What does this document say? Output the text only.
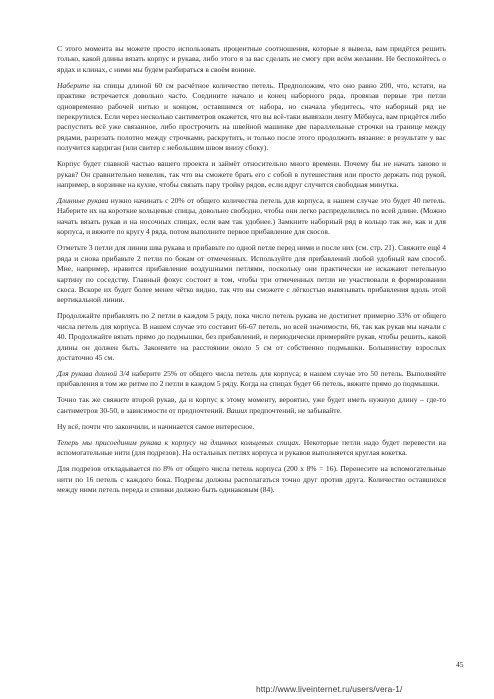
С этого момента вы можете просто использовать процентные соотношения, которые я вывела, вам придётся решить только, какой длины вязать корпус и рукава, либо этого я за вас сделать не смогу при всём желании. Не беспокойтесь о ярдах и клинах, с ними мы будем разбираться в своём вонине.

Наберите на спицы длиной 60 см расчётное количество петель. Предположим, что оно равно 200, что, кстати, на практике встречается довольно часто. Соедините начало и конец наборного ряда, провязав первые три петли одновременно рабочей нитью и концом, оставшимся от набора, но сначала убедитесь, что наборный ряд не перекрутился. Если через несколько сантиметров окажется, что вы всё-таки вывязали ленту Мёбиуса, вам придётся либо распустить всё уже связанное, либо прострочить на швейной машинке две параллельные строчки на границе между рядами, разрезать полотно между строчками, раскрутить, и только после этого продолжить вязание: в результате у вас получится кардиган (или свитер с небольшим швом внизу сбоку).

Корпус будет главной частью вашего проекта и займёт относительно много времени. Почему бы не начать заново и рукав? Он сравнительно невелик, так что вы сможете брать его с собой в путешествия или просто держать под рукой, например, в корзинке на кухне, чтобы связать пару тройку рядов, если вдруг случится свободная минутка.

Длинные рукава нужно начинать с 20% от общего количества петель для корпуса, в нашем случае это будет 40 петель. Наберите их на короткие кольцевые спицы, довольно свободно, чтобы они легко распределились по всей длине. (Можно начать вязать рукав и на носочных спицах, если вам так удобнее.) Замкните наборный ряд в кольцо так же, как и для корпуса, и вяжите по кругу 4 ряда, потом выполните первое прибавление для скосов.

Отметьте 3 петли для линии шва рукава и прибавьте по одной петле перед ними и после них (см. стр. 21). Свяжите ещё 4 ряда и снова прибавьте 2 петли по бокам от отмеченных. Используйте для прибавлений любой удобный вам способ. Мне, например, нравится прибавление воздушными петлями, поскольку они практически не искажают петельную картину по соседству. Главный фокус состоит в том, чтобы три отмеченных петли не участвовали в формировании скоса. Вскоре их будет более менее чётко видно, так что вы сможете с лёгкостью вывязывать прибавления вдоль этой вертикальной линии.

Продолжайте прибавлять по 2 петли в каждом 5 ряду, пока число петель рукава не достигнет примерно 33% от общего числа петель для корпуса. В нашем случае это составит 66-67 петель, но всей значимости, 66, так как рукав мы начали с 40. Продолжайте вязать прямо до подмышки, без прибавлений, и периодически примеряйте рукав, чтобы решить, какой длины он должен быть. Закончите на расстоянии около 5 см от собственно подмышки. Большинству взрослых достаточно 45 см.

Для рукава длиной 3/4 наберите 25% от общего числа петель для корпуса; в нашем случае это 50 петель. Выполняйте прибавления в том же ритме по 2 петли в каждом 5 ряду. Когда на спицах будет 66 петель, вяжите прямо до подмышки.

Точно так же свяжите второй рукав, да и корпус к этому моменту, вероятно, уже будет иметь нужную длину – где-то сантиметров 30-50, в зависимости от предпочтений. Ваших предпочтений, не забывайте.

Ну всё, почти что закончили, и начинается самое интересное.

Теперь мы присоединим рукава к корпусу на длинных кольцевых спицах. Некоторые петли надо будет перевести на вспомогательные нити (для подрезов). На остальных петлях корпуса и рукавов выполняется круглая кокетка.

Для подрезов откладывается по 8% от общего числа петель корпуса (200 х 8% = 16). Перенесите на вспомогательные нити по 16 петель с каждого бока. Подрезы должны располагаться точно друг против друга. Количество оставшихся между ними петель переда и спинки должно быть одинаковым (84).

45
http://www.liveinternet.ru/users/vera-1/
